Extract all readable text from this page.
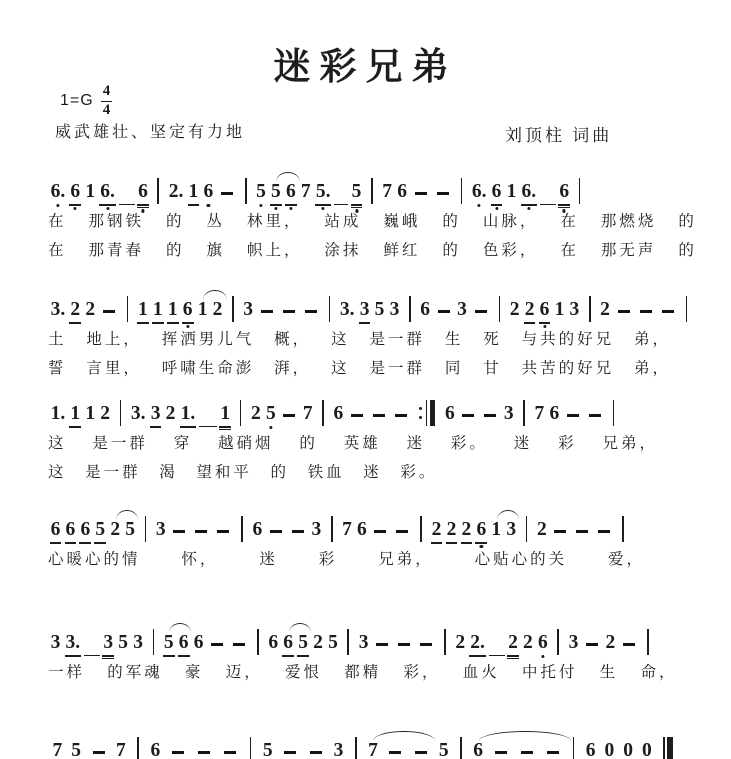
迷彩兄弟
$1=G \frac{4}{4}$
威武雄壮、坚定有力地	刘顶柱 词曲
6. 6 1 6. 6 2. 1 6 5 5 6 7 5. 5 7 6	6. 6 1 6. 6
在 那钢铁 的 丛 林里， 站成 巍峨 的 山脉， 在 那燃烧 的
在 那青春 的 旗 帜上， 涂抹 鲜红 的 色彩， 在 那无声 的
3. 2 2 1 1 1 6 1 2 3	3. 3 5 3 6 3 2 2 6 1 3 2
土 地上， 挥洒男儿气 概， 这 是一群 生 死 与共的好兄 弟，
誓 言里， 呼啸生命澎 湃， 这 是一群 同 甘 共苦的好兄 弟，
1. 1 1 2 3. 3 2 1. 1 2 5 7 6	6	3 7 6
这 是一群 穿 越硝烟 的 英雄 迷 彩。 迷 彩 兄弟，
这 是一群 渴 望和平 的 铁血 迷 彩。
6 6 6 5 2 5 3	6	3 7 6	2 2 2 6 1 3 2
心暖心的情	怀，	迷	彩	兄弟，	心贴心的关	爱，
3 3. 3 5 3 5 6 6	6 6 5 2 5 3	2 2. 2 2 6 3 2
一样 的军魂 豪 迈， 爱恨 都精 彩， 血火 中托付 生 命，
7 5 7 6	5	3 7	5 6	6 0 0 0
